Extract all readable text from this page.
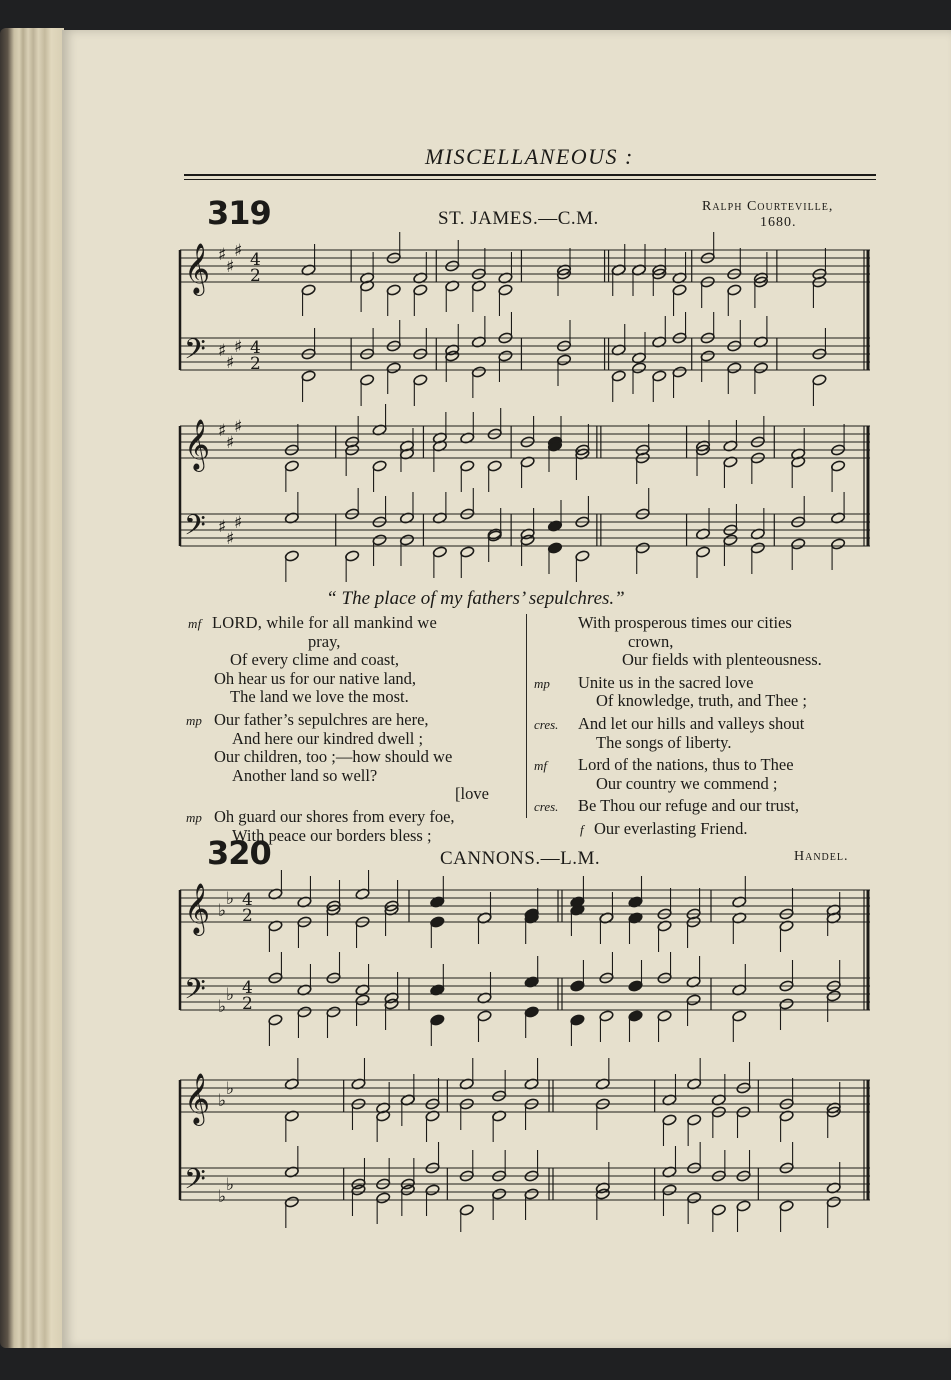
MISCELLANEOUS :
319	ST. JAMES.—C.M.
Ralph Courteville,
1680.
𝄞
𝄢
♯
♯
♯
♯
♯
♯
4
2
4
2
𝄞
𝄢
♯
♯
♯
♯
♯
♯
“ The place of my fathers’ sepulchres.”
LORD, while for all mankind we
mf
pray,
Of every clime and coast,
Oh hear us for our native land,
The land we love the most.
Our father’s sepulchres are here,
mp
And here our kindred dwell ;
Our children, too ;—how should we
Another land so well?
[love
Oh guard our shores from every foe,
mp
With peace our borders bless ;
With prosperous times our cities
crown,
Our fields with plenteousness.
Unite us in the sacred love
mp
Of knowledge, truth, and Thee ;
And let our hills and valleys shout
cres.
The songs of liberty.
Lord of the nations, thus to Thee
mf
Our country we commend ;
Be Thou our refuge and our trust,
cres.
Our everlasting Friend.
f
320	CANNONS.—L.M.	Handel.
𝄞
𝄢
♭
♭
♭
♭
4
2
4
2
𝄞
𝄢
♭
♭
♭
♭
